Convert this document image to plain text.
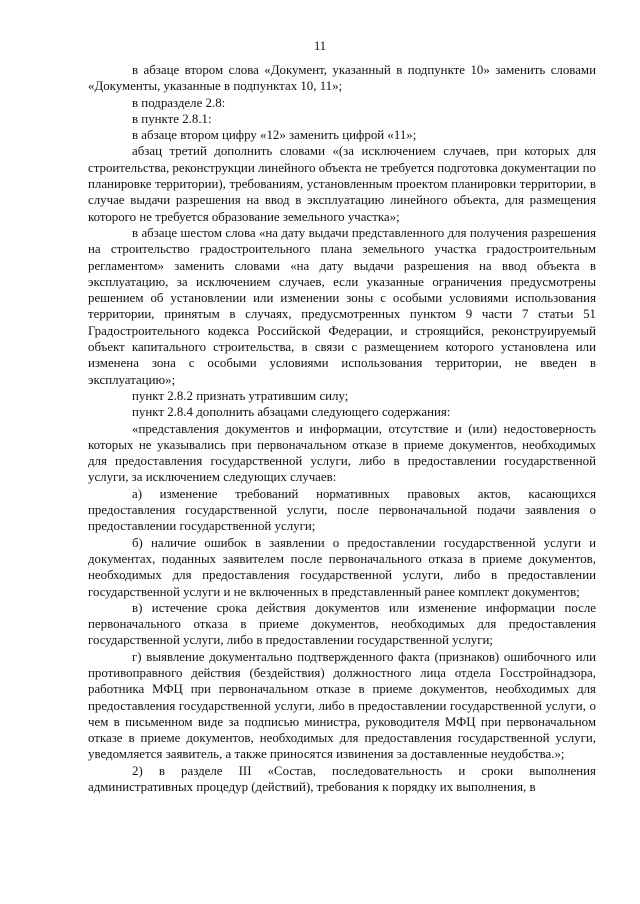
11

в абзаце втором слова «Документ, указанный в подпункте 10» заменить словами «Документы, указанные в подпунктах 10, 11»;

в подразделе 2.8:

в пункте 2.8.1:

в абзаце втором цифру «12» заменить цифрой «11»;

абзац третий дополнить словами «(за исключением случаев, при которых для строительства, реконструкции линейного объекта не требуется подготовка документации по планировке территории), требованиям, установленным проектом планировки территории, в случае выдачи разрешения на ввод в эксплуатацию линейного объекта, для размещения которого не требуется образование земельного участка»;

в абзаце шестом слова «на дату выдачи представленного для получения разрешения на строительство градостроительного плана земельного участка градостроительным регламентом» заменить словами «на дату выдачи разрешения на ввод объекта в эксплуатацию, за исключением случаев, если указанные ограничения предусмотрены решением об установлении или изменении зоны с особыми условиями использования территории, принятым в случаях, предусмотренных пунктом 9 части 7 статьи 51 Градостроительного кодекса Российской Федерации, и строящийся, реконструируемый объект капитального строительства, в связи с размещением которого установлена или изменена зона с особыми условиями использования территории, не введен в эксплуатацию»;

пункт 2.8.2 признать утратившим силу;

пункт 2.8.4 дополнить абзацами следующего содержания:

«представления документов и информации, отсутствие и (или) недостоверность которых не указывались при первоначальном отказе в приеме документов, необходимых для предоставления государственной услуги, либо в предоставлении государственной услуги, за исключением следующих случаев:

а) изменение требований нормативных правовых актов, касающихся предоставления государственной услуги, после первоначальной подачи заявления о предоставлении государственной услуги;

б) наличие ошибок в заявлении о предоставлении государственной услуги и документах, поданных заявителем после первоначального отказа в приеме документов, необходимых для предоставления государственной услуги, либо в предоставлении государственной услуги и не включенных в представленный ранее комплект документов;

в) истечение срока действия документов или изменение информации после первоначального отказа в приеме документов, необходимых для предоставления государственной услуги, либо в предоставлении государственной услуги;

г) выявление документально подтвержденного факта (признаков) ошибочного или противоправного действия (бездействия) должностного лица отдела Госстройнадзора, работника МФЦ при первоначальном отказе в приеме документов, необходимых для предоставления государственной услуги, либо в предоставлении государственной услуги, о чем в письменном виде за подписью министра, руководителя МФЦ при первоначальном отказе в приеме документов, необходимых для предоставления государственной услуги, уведомляется заявитель, а также приносятся извинения за доставленные неудобства.»;

2) в разделе III «Состав, последовательность и сроки выполнения административных процедур (действий), требования к порядку их выполнения, в
